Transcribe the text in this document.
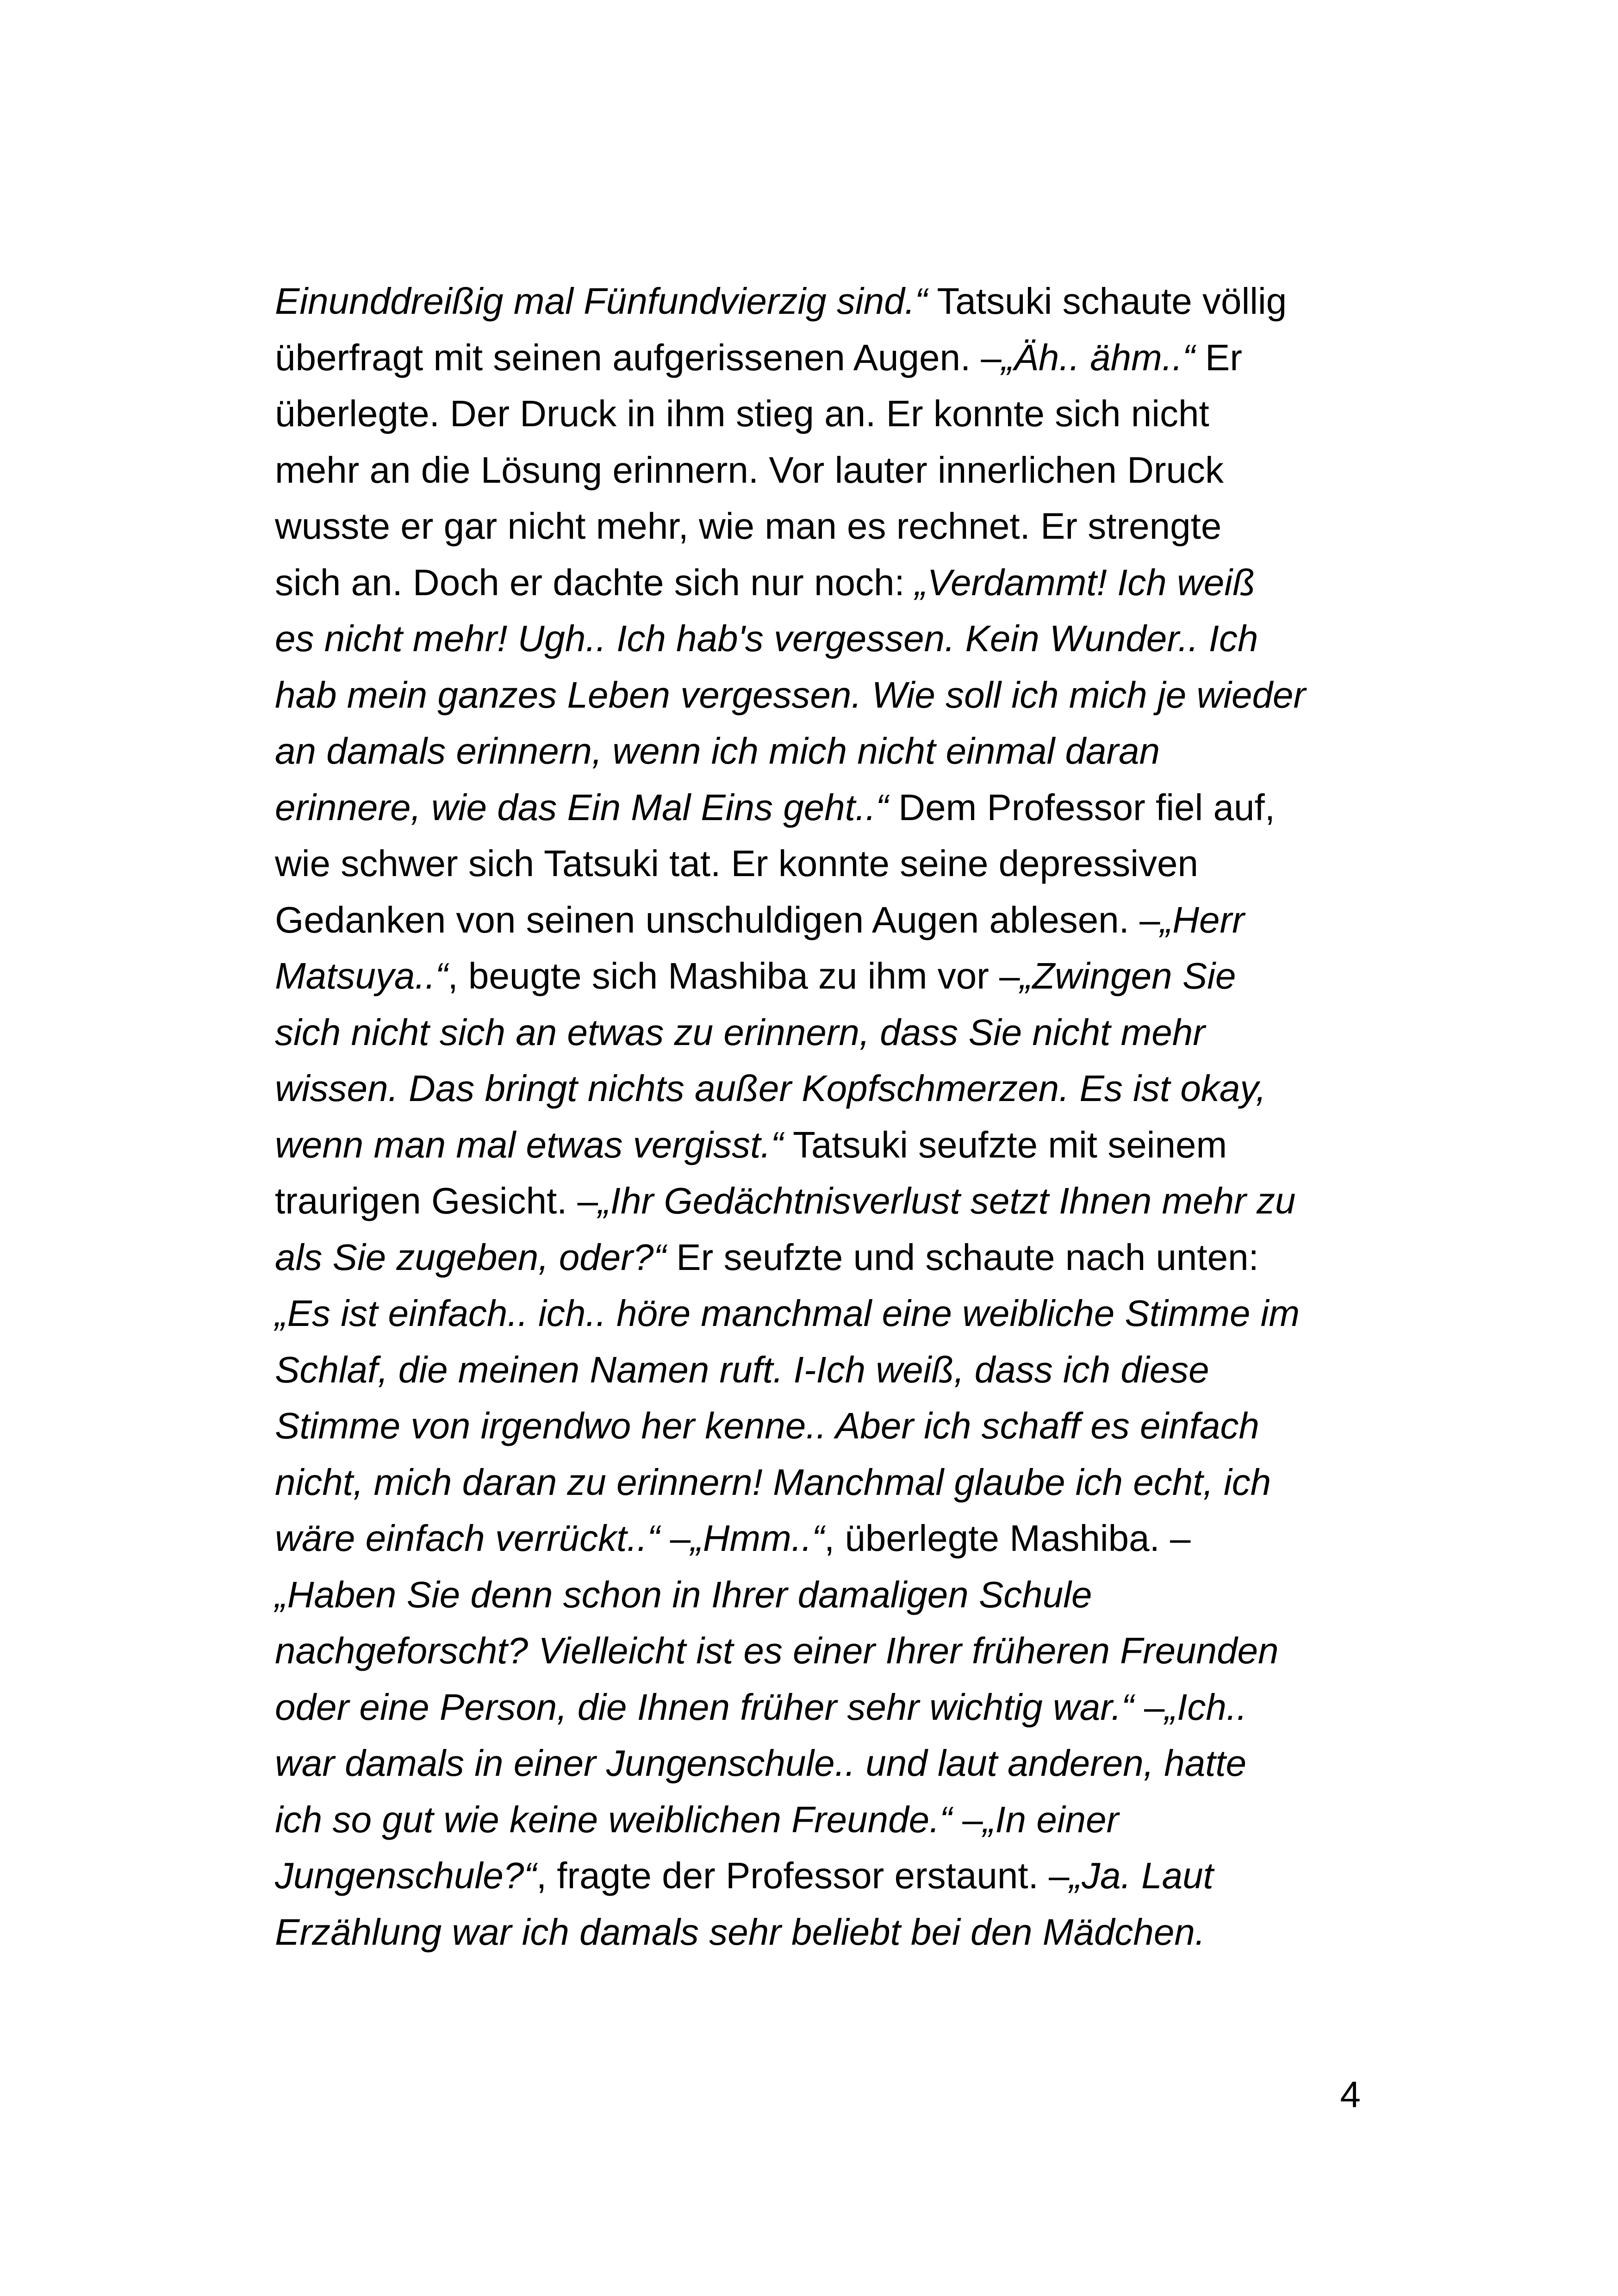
Einunddreißig mal Fünfundvierzig sind.“ Tatsuki schaute völlig
überfragt mit seinen aufgerissenen Augen. –„Äh.. ähm..“ Er
überlegte. Der Druck in ihm stieg an. Er konnte sich nicht
mehr an die Lösung erinnern. Vor lauter innerlichen Druck
wusste er gar nicht mehr, wie man es rechnet. Er strengte
sich an. Doch er dachte sich nur noch: „Verdammt! Ich weiß
es nicht mehr! Ugh.. Ich hab's vergessen. Kein Wunder.. Ich
hab mein ganzes Leben vergessen. Wie soll ich mich je wieder
an damals erinnern, wenn ich mich nicht einmal daran
erinnere, wie das Ein Mal Eins geht..“ Dem Professor fiel auf,
wie schwer sich Tatsuki tat. Er konnte seine depressiven
Gedanken von seinen unschuldigen Augen ablesen. –„Herr
Matsuya..“, beugte sich Mashiba zu ihm vor –„Zwingen Sie
sich nicht sich an etwas zu erinnern, dass Sie nicht mehr
wissen. Das bringt nichts außer Kopfschmerzen. Es ist okay,
wenn man mal etwas vergisst.“ Tatsuki seufzte mit seinem
traurigen Gesicht. –„Ihr Gedächtnisverlust setzt Ihnen mehr zu
als Sie zugeben, oder?“ Er seufzte und schaute nach unten:
„Es ist einfach.. ich.. höre manchmal eine weibliche Stimme im
Schlaf, die meinen Namen ruft. I-Ich weiß, dass ich diese
Stimme von irgendwo her kenne.. Aber ich schaff es einfach
nicht, mich daran zu erinnern! Manchmal glaube ich echt, ich
wäre einfach verrückt..“ –„Hmm..“, überlegte Mashiba. –
„Haben Sie denn schon in Ihrer damaligen Schule
nachgeforscht? Vielleicht ist es einer Ihrer früheren Freunden
oder eine Person, die Ihnen früher sehr wichtig war.“ –„Ich..
war damals in einer Jungenschule.. und laut anderen, hatte
ich so gut wie keine weiblichen Freunde.“ –„In einer
Jungenschule?“, fragte der Professor erstaunt. –„Ja. Laut
Erzählung war ich damals sehr beliebt bei den Mädchen.
4
